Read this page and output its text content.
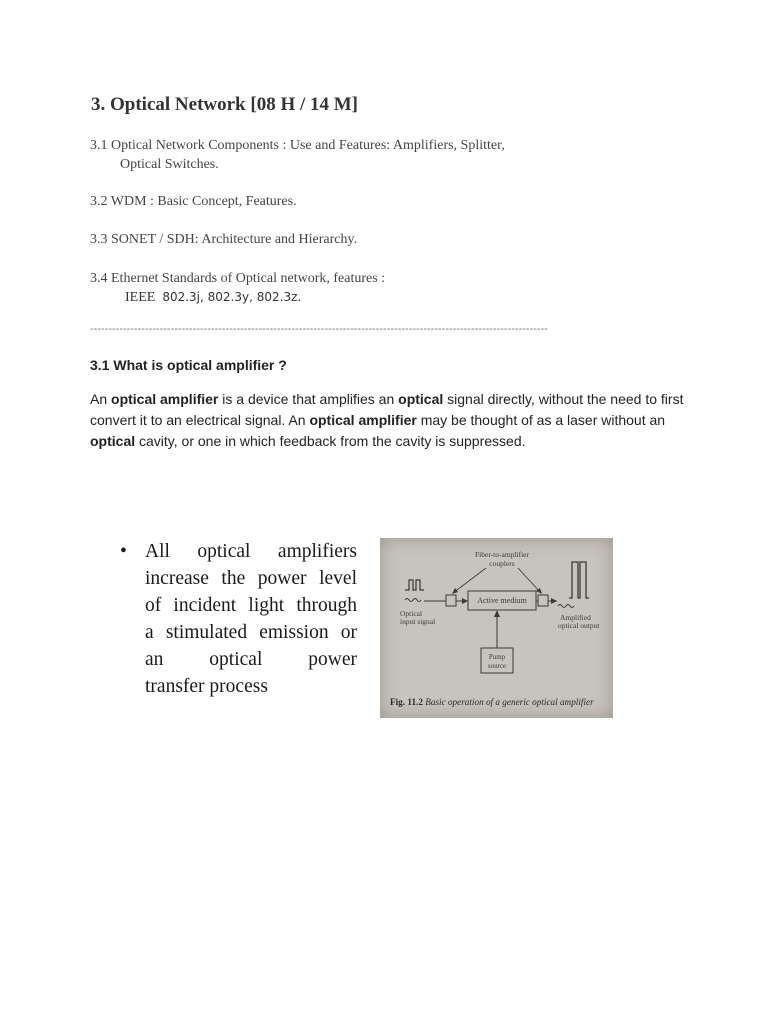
3. Optical Network [08 H / 14 M]
3.1 Optical Network Components : Use and Features: Amplifiers, Splitter,
Optical Switches.
3.2 WDM : Basic Concept, Features.
3.3 SONET / SDH: Architecture and Hierarchy.
3.4 Ethernet Standards of Optical network, features :
IEEE 802.3j, 802.3y, 802.3z.
-----------------------------------------------------------------------------------------------------------------------------
3.1 What is optical amplifier ?
An optical amplifier is a device that amplifies an optical signal directly, without the need to first convert it to an electrical signal. An optical amplifier may be thought of as a laser without an optical cavity, or one in which feedback from the cavity is suppressed.
• All optical amplifiers
increase the power level
of incident light through
a stimulated emission or
an optical power
transfer process
Fiber-to-amplifier
couplers
Active medium
Optical
input signal	Amplified
optical output
Pump
source
Fig. 11.2 Basic operation of a generic optical amplifier
